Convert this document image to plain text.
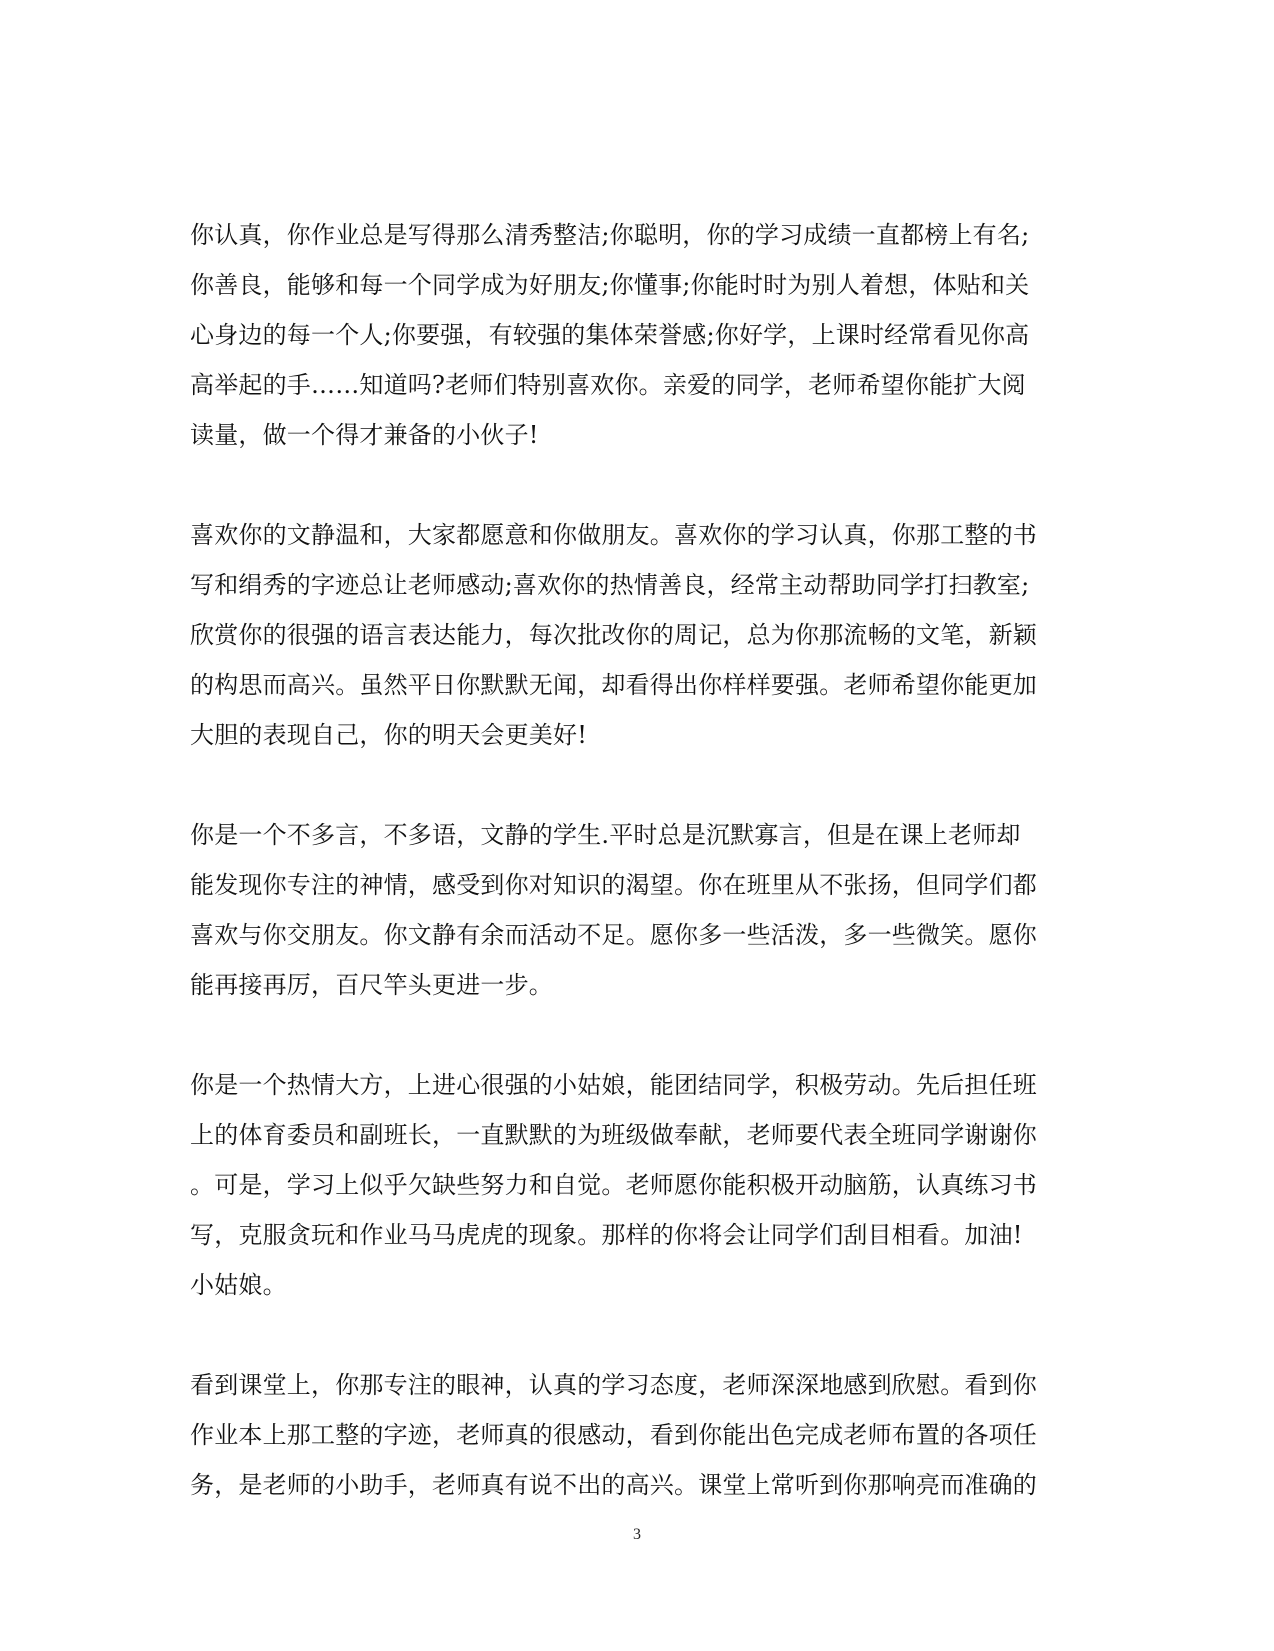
你认真，你作业总是写得那么清秀整洁;你聪明，你的学习成绩一直都榜上有名;
你善良，能够和每一个同学成为好朋友;你懂事;你能时时为别人着想，体贴和关
心身边的每一个人;你要强，有较强的集体荣誉感;你好学，上课时经常看见你高
高举起的手……知道吗?老师们特别喜欢你。亲爱的同学，老师希望你能扩大阅
读量，做一个得才兼备的小伙子!
喜欢你的文静温和，大家都愿意和你做朋友。喜欢你的学习认真，你那工整的书
写和绢秀的字迹总让老师感动;喜欢你的热情善良，经常主动帮助同学打扫教室;
欣赏你的很强的语言表达能力，每次批改你的周记，总为你那流畅的文笔，新颖
的构思而高兴。虽然平日你默默无闻，却看得出你样样要强。老师希望你能更加
大胆的表现自己，你的明天会更美好!
你是一个不多言，不多语，文静的学生.平时总是沉默寡言，但是在课上老师却
能发现你专注的神情，感受到你对知识的渴望。你在班里从不张扬，但同学们都
喜欢与你交朋友。你文静有余而活动不足。愿你多一些活泼，多一些微笑。愿你
能再接再厉，百尺竿头更进一步。
你是一个热情大方，上进心很强的小姑娘，能团结同学，积极劳动。先后担任班
上的体育委员和副班长，一直默默的为班级做奉献，老师要代表全班同学谢谢你
。可是，学习上似乎欠缺些努力和自觉。老师愿你能积极开动脑筋，认真练习书
写，克服贪玩和作业马马虎虎的现象。那样的你将会让同学们刮目相看。加油!
小姑娘。
看到课堂上，你那专注的眼神，认真的学习态度，老师深深地感到欣慰。看到你
作业本上那工整的字迹，老师真的很感动，看到你能出色完成老师布置的各项任
务，是老师的小助手，老师真有说不出的高兴。课堂上常听到你那响亮而准确的
3
